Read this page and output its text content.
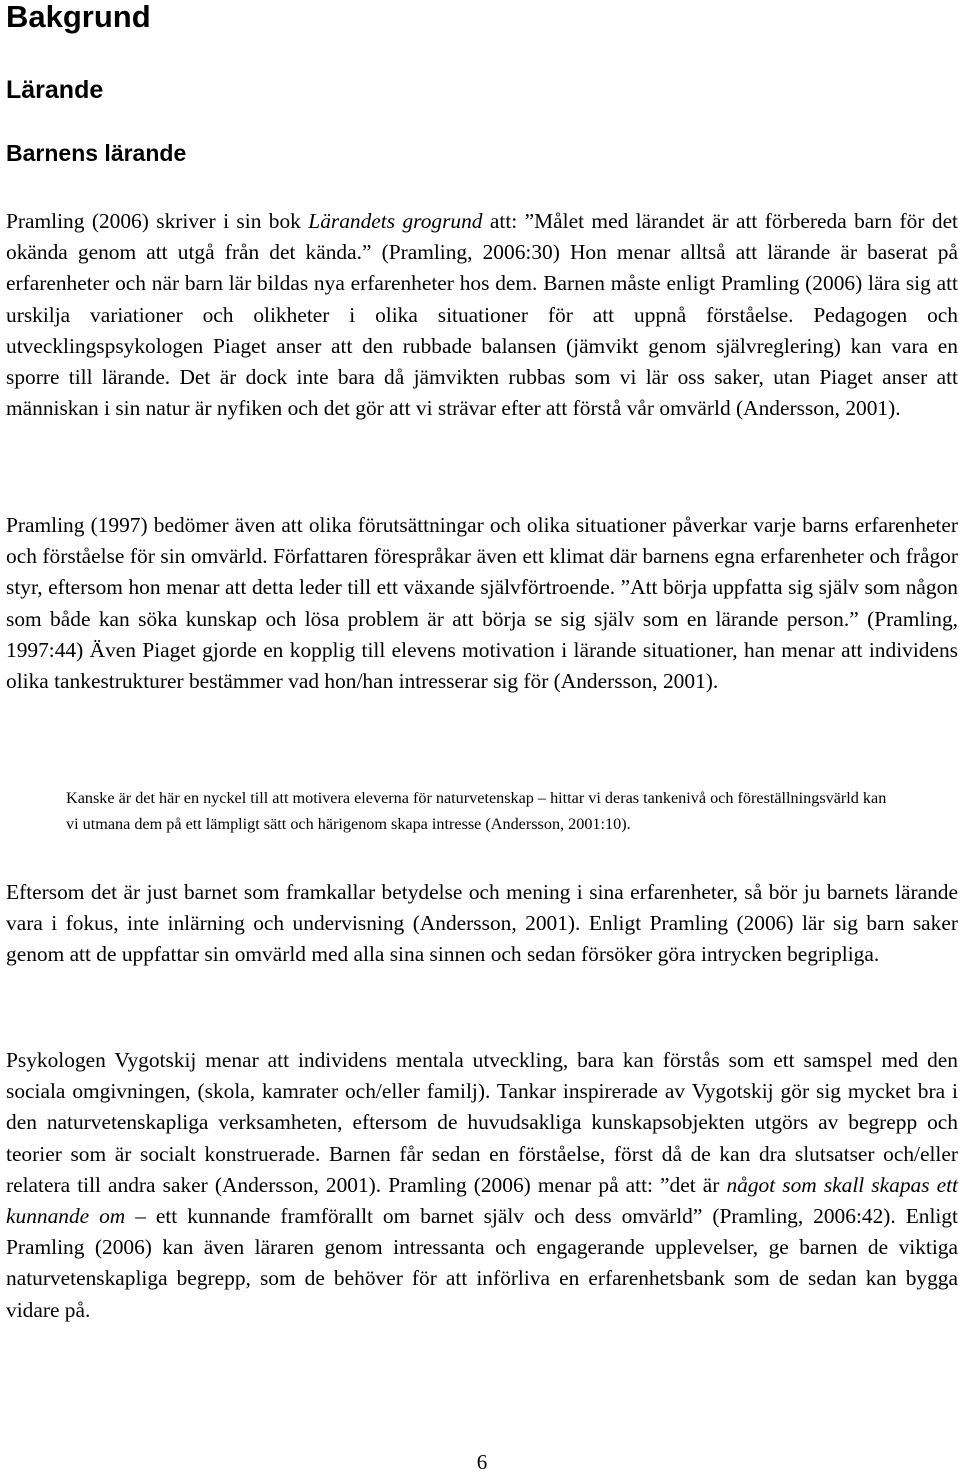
Bakgrund
Lärande
Barnens lärande

Pramling (2006) skriver i sin bok Lärandets grogrund att: ”Målet med lärandet är att förbereda barn för det okända genom att utgå från det kända.” (Pramling, 2006:30) Hon menar alltså att lärande är baserat på erfarenheter och när barn lär bildas nya erfarenheter hos dem. Barnen måste enligt Pramling (2006) lära sig att urskilja variationer och olikheter i olika situationer för att uppnå förståelse. Pedagogen och utvecklingspsykologen Piaget anser att den rubbade balansen (jämvikt genom självreglering) kan vara en sporre till lärande. Det är dock inte bara då jämvikten rubbas som vi lär oss saker, utan Piaget anser att människan i sin natur är nyfiken och det gör att vi strävar efter att förstå vår omvärld (Andersson, 2001).

Pramling (1997) bedömer även att olika förutsättningar och olika situationer påverkar varje barns erfarenheter och förståelse för sin omvärld. Författaren förespråkar även ett klimat där barnens egna erfarenheter och frågor styr, eftersom hon menar att detta leder till ett växande självförtroende. ”Att börja uppfatta sig själv som någon som både kan söka kunskap och lösa problem är att börja se sig själv som en lärande person.” (Pramling, 1997:44) Även Piaget gjorde en kopplig till elevens motivation i lärande situationer, han menar att individens olika tankestrukturer bestämmer vad hon/han intresserar sig för (Andersson, 2001).

Kanske är det här en nyckel till att motivera eleverna för naturvetenskap – hittar vi deras tankenivå och föreställningsvärld kan vi utmana dem på ett lämpligt sätt och härigenom skapa intresse (Andersson, 2001:10).

Eftersom det är just barnet som framkallar betydelse och mening i sina erfarenheter, så bör ju barnets lärande vara i fokus, inte inlärning och undervisning (Andersson, 2001). Enligt Pramling (2006) lär sig barn saker genom att de uppfattar sin omvärld med alla sina sinnen och sedan försöker göra intrycken begripliga.

Psykologen Vygotskij menar att individens mentala utveckling, bara kan förstås som ett samspel med den sociala omgivningen, (skola, kamrater och/eller familj). Tankar inspirerade av Vygotskij gör sig mycket bra i den naturvetenskapliga verksamheten, eftersom de huvudsakliga kunskapsobjekten utgörs av begrepp och teorier som är socialt konstruerade. Barnen får sedan en förståelse, först då de kan dra slutsatser och/eller relatera till andra saker (Andersson, 2001). Pramling (2006) menar på att: ”det är något som skall skapas ett kunnande om – ett kunnande framförallt om barnet själv och dess omvärld” (Pramling, 2006:42). Enligt Pramling (2006) kan även läraren genom intressanta och engagerande upplevelser, ge barnen de viktiga naturvetenskapliga begrepp, som de behöver för att införliva en erfarenhetsbank som de sedan kan bygga vidare på.

6
